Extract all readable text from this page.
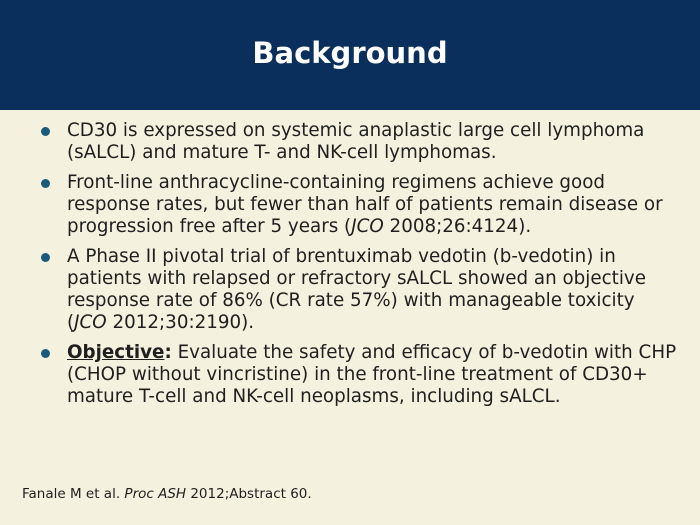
Background
CD30 is expressed on systemic anaplastic large cell lymphoma (sALCL) and mature T- and NK-cell lymphomas.
Front-line anthracycline-containing regimens achieve good response rates, but fewer than half of patients remain disease or progression free after 5 years (JCO 2008;26:4124).
A Phase II pivotal trial of brentuximab vedotin (b-vedotin) in patients with relapsed or refractory sALCL showed an objective response rate of 86% (CR rate 57%) with manageable toxicity (JCO 2012;30:2190).
Objective: Evaluate the safety and efficacy of b-vedotin with CHP (CHOP without vincristine) in the front-line treatment of CD30+ mature T-cell and NK-cell neoplasms, including sALCL.
Fanale M et al. Proc ASH 2012;Abstract 60.
